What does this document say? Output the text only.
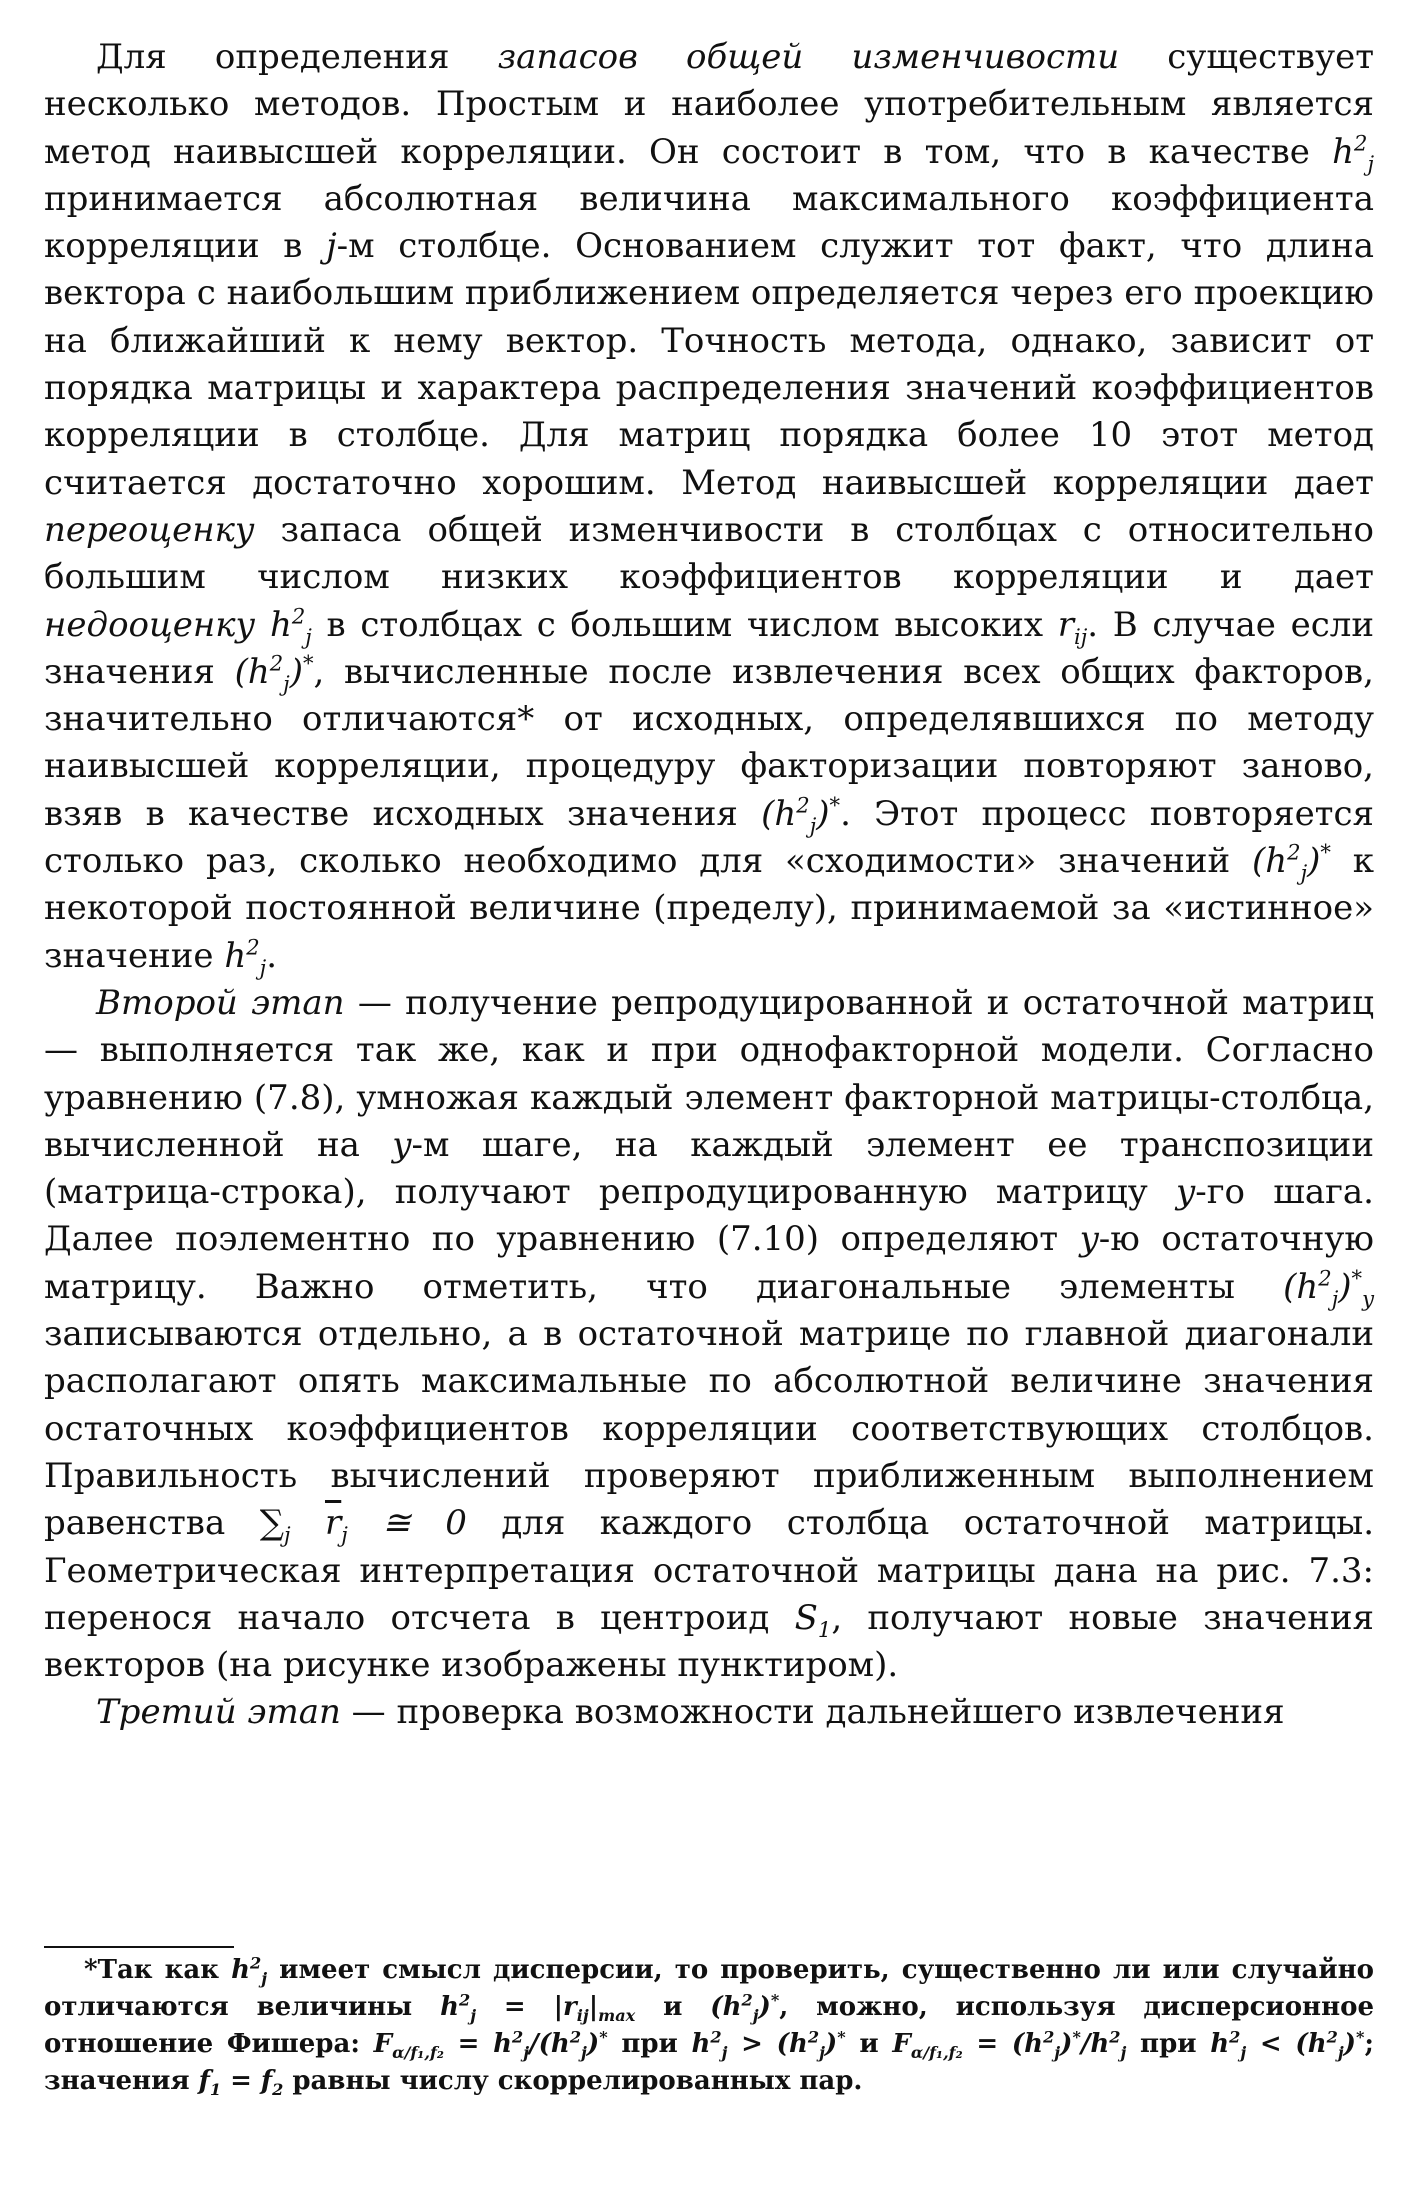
Для определения запасов общей изменчивости существует несколько методов. Простым и наиболее употребительным является метод наивысшей корреляции. Он состоит в том, что в качестве $h^2_j$ принимается абсолютная величина максимального коэффициента корреляции в j-м столбце. Основанием служит тот факт, что длина вектора с наибольшим приближением определяется через его проекцию на ближайший к нему вектор. Точность метода, однако, зависит от порядка матрицы и характера распределения значений коэффициентов корреляции в столбце. Для матриц порядка более 10 этот метод считается достаточно хорошим. Метод наивысшей корреляции дает переоценку запаса общей изменчивости в столбцах с относительно большим числом низких коэффициентов корреляции и дает недооценку $h^2_j$ в столбцах с большим числом высоких $r_{ij}$. В случае если значения $(h^2_j)^*$, вычисленные после извлечения всех общих факторов, значительно отличаются* от исходных, определявшихся по методу наивысшей корреляции, процедуру факторизации повторяют заново, взяв в качестве исходных значения $(h^2_j)^*$. Этот процесс повторяется столько раз, сколько необходимо для «сходимости» значений $(h^2_j)^*$ к некоторой постоянной величине (пределу), принимаемой за «истинное» значение $h^2_j$.

Второй этап — получение репродуцированной и остаточной матриц — выполняется так же, как и при однофакторной модели. Согласно уравнению (7.8), умножая каждый элемент факторной матрицы-столбца, вычисленной на y-м шаге, на каждый элемент ее транспозиции (матрица-строка), получают репродуцированную матрицу y-го шага. Далее поэлементно по уравнению (7.10) определяют y-ю остаточную матрицу. Важно отметить, что диагональные элементы $(h^2_j)^*_y$ записываются отдельно, а в остаточной матрице по главной диагонали располагают опять максимальные по абсолютной величине значения остаточных коэффициентов корреляции соответствующих столбцов. Правильность вычислений проверяют приближенным выполнением равенства $\sum_j$ $\overline{r}_j$ ≅ 0 для каждого столбца остаточной матрицы. Геометрическая интерпретация остаточной матрицы дана на рис. 7.3: перенося начало отсчета в центроид $S_1$, получают новые значения векторов (на рисунке изображены пунктиром).

Третий этап — проверка возможности дальнейшего извлечения

*Так как $h^2_j$ имеет смысл дисперсии, то проверить, существенно ли или случайно отличаются величины $h^2_j = |r_{ij}|_{max}$ и $(h^2_j)^*$, можно, используя дисперсионное отношение Фишера: $F_{\alpha/f_1,f_2} = h^2_j/(h^2_j)^*$ при $h^2_j > (h^2_j)^*$ и $F_{\alpha/f_1,f_2} = (h^2_j)^*/h^2_j$ при $h^2_j < (h^2_j)^*$; значения $f_1 = f_2$ равны числу скоррелированных пар.
